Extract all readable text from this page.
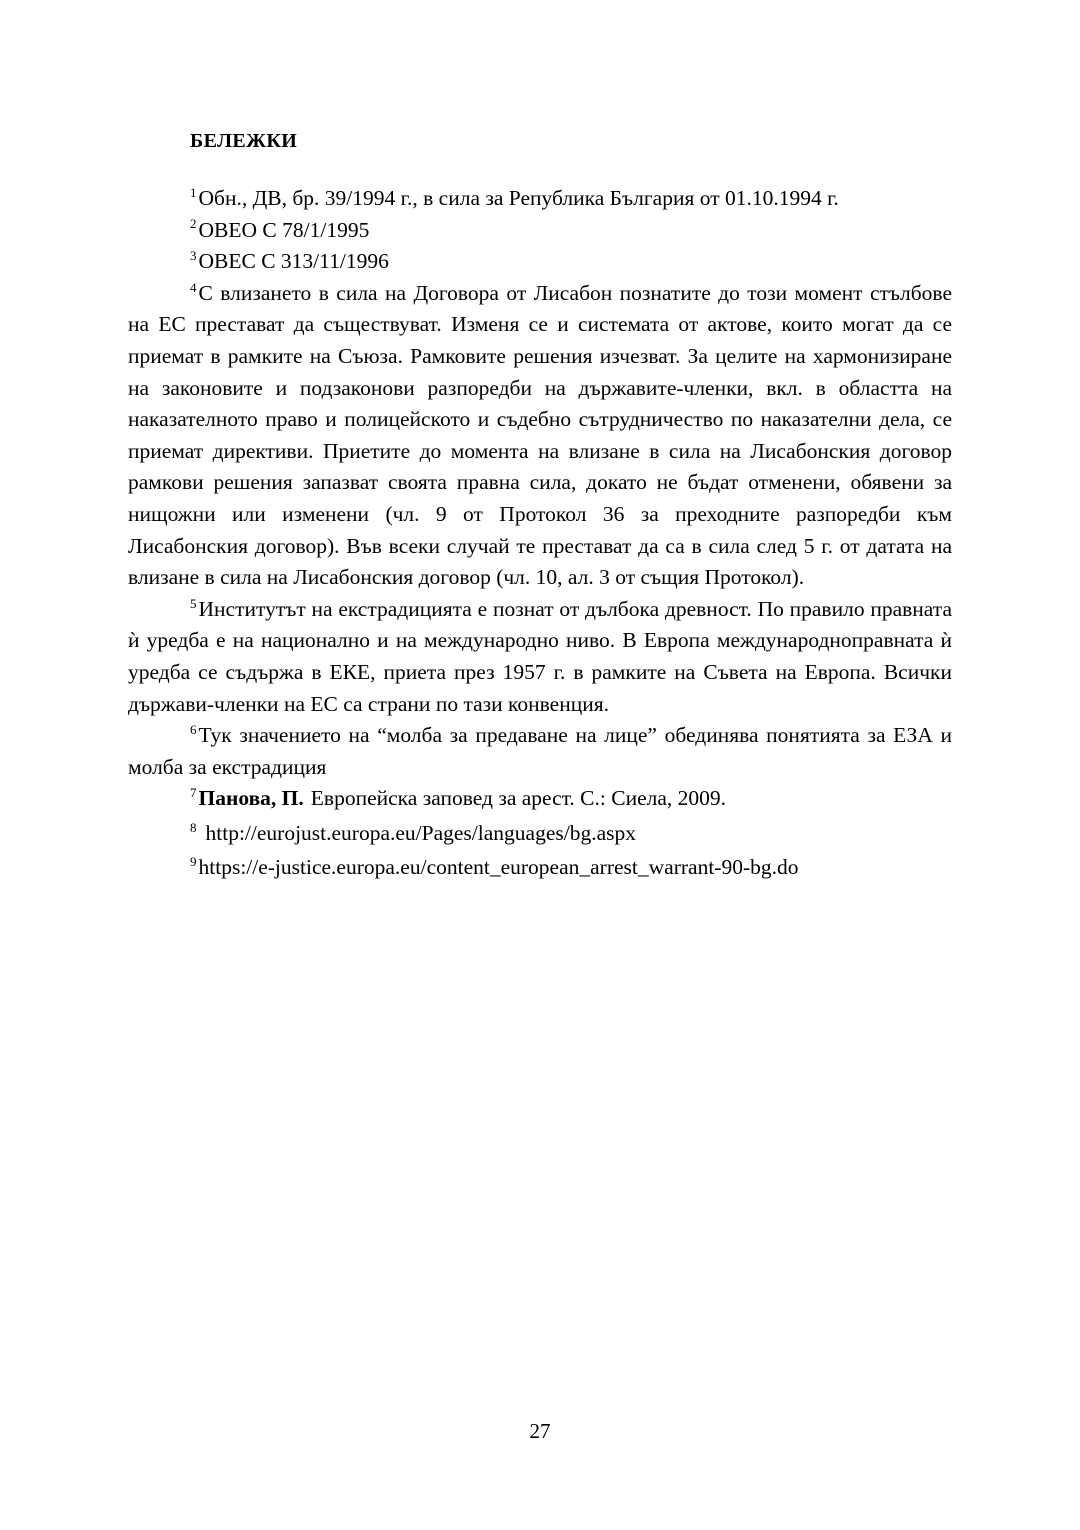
БЕЛЕЖКИ

$^1$Обн., ДВ, бр. 39/1994 г., в сила за Република България от 01.10.1994 г.

$^2$ОВЕО С 78/1/1995

$^3$ОВЕС С 313/11/1996

$^4$С влизането в сила на Договора от Лисабон познатите до този момент стълбове на ЕС престават да съществуват. Изменя се и системата от актове, които могат да се приемат в рамките на Съюза. Рамковите решения изчезват. За целите на хармонизиране на законовите и подзаконови разпоредби на държавите-членки, вкл. в областта на наказателното право и полицейското и съдебно сътрудничество по наказателни дела, се приемат директиви. Приетите до момента на влизане в сила на Лисабонския договор рамкови решения запазват своята правна сила, докато не бъдат отменени, обявени за нищожни или изменени (чл. 9 от Протокол 36 за преходните разпоредби към Лисабонския договор). Във всеки случай те престават да са в сила след 5 г. от датата на влизане в сила на Лисабонския договор (чл. 10, ал. 3 от същия Протокол).

$^5$Институтът на екстрадицията е познат от дълбока древност. По правило правната ѝ уредба е на национално и на международно ниво. В Европа международноправната ѝ уредба се съдържа в ЕКЕ, приета през 1957 г. в рамките на Съвета на Европа. Всички държави-членки на ЕС са страни по тази конвенция.

$^6$Тук значението на “молба за предаване на лице” обединява понятията за ЕЗА и молба за екстрадиция

$^7$Панова, П. Европейска заповед за арест. С.: Сиела, 2009.

$^8$ http://eurojust.europa.eu/Pages/languages/bg.aspx

$^9$https://e-justice.europa.eu/content_european_arrest_warrant-90-bg.do

27
